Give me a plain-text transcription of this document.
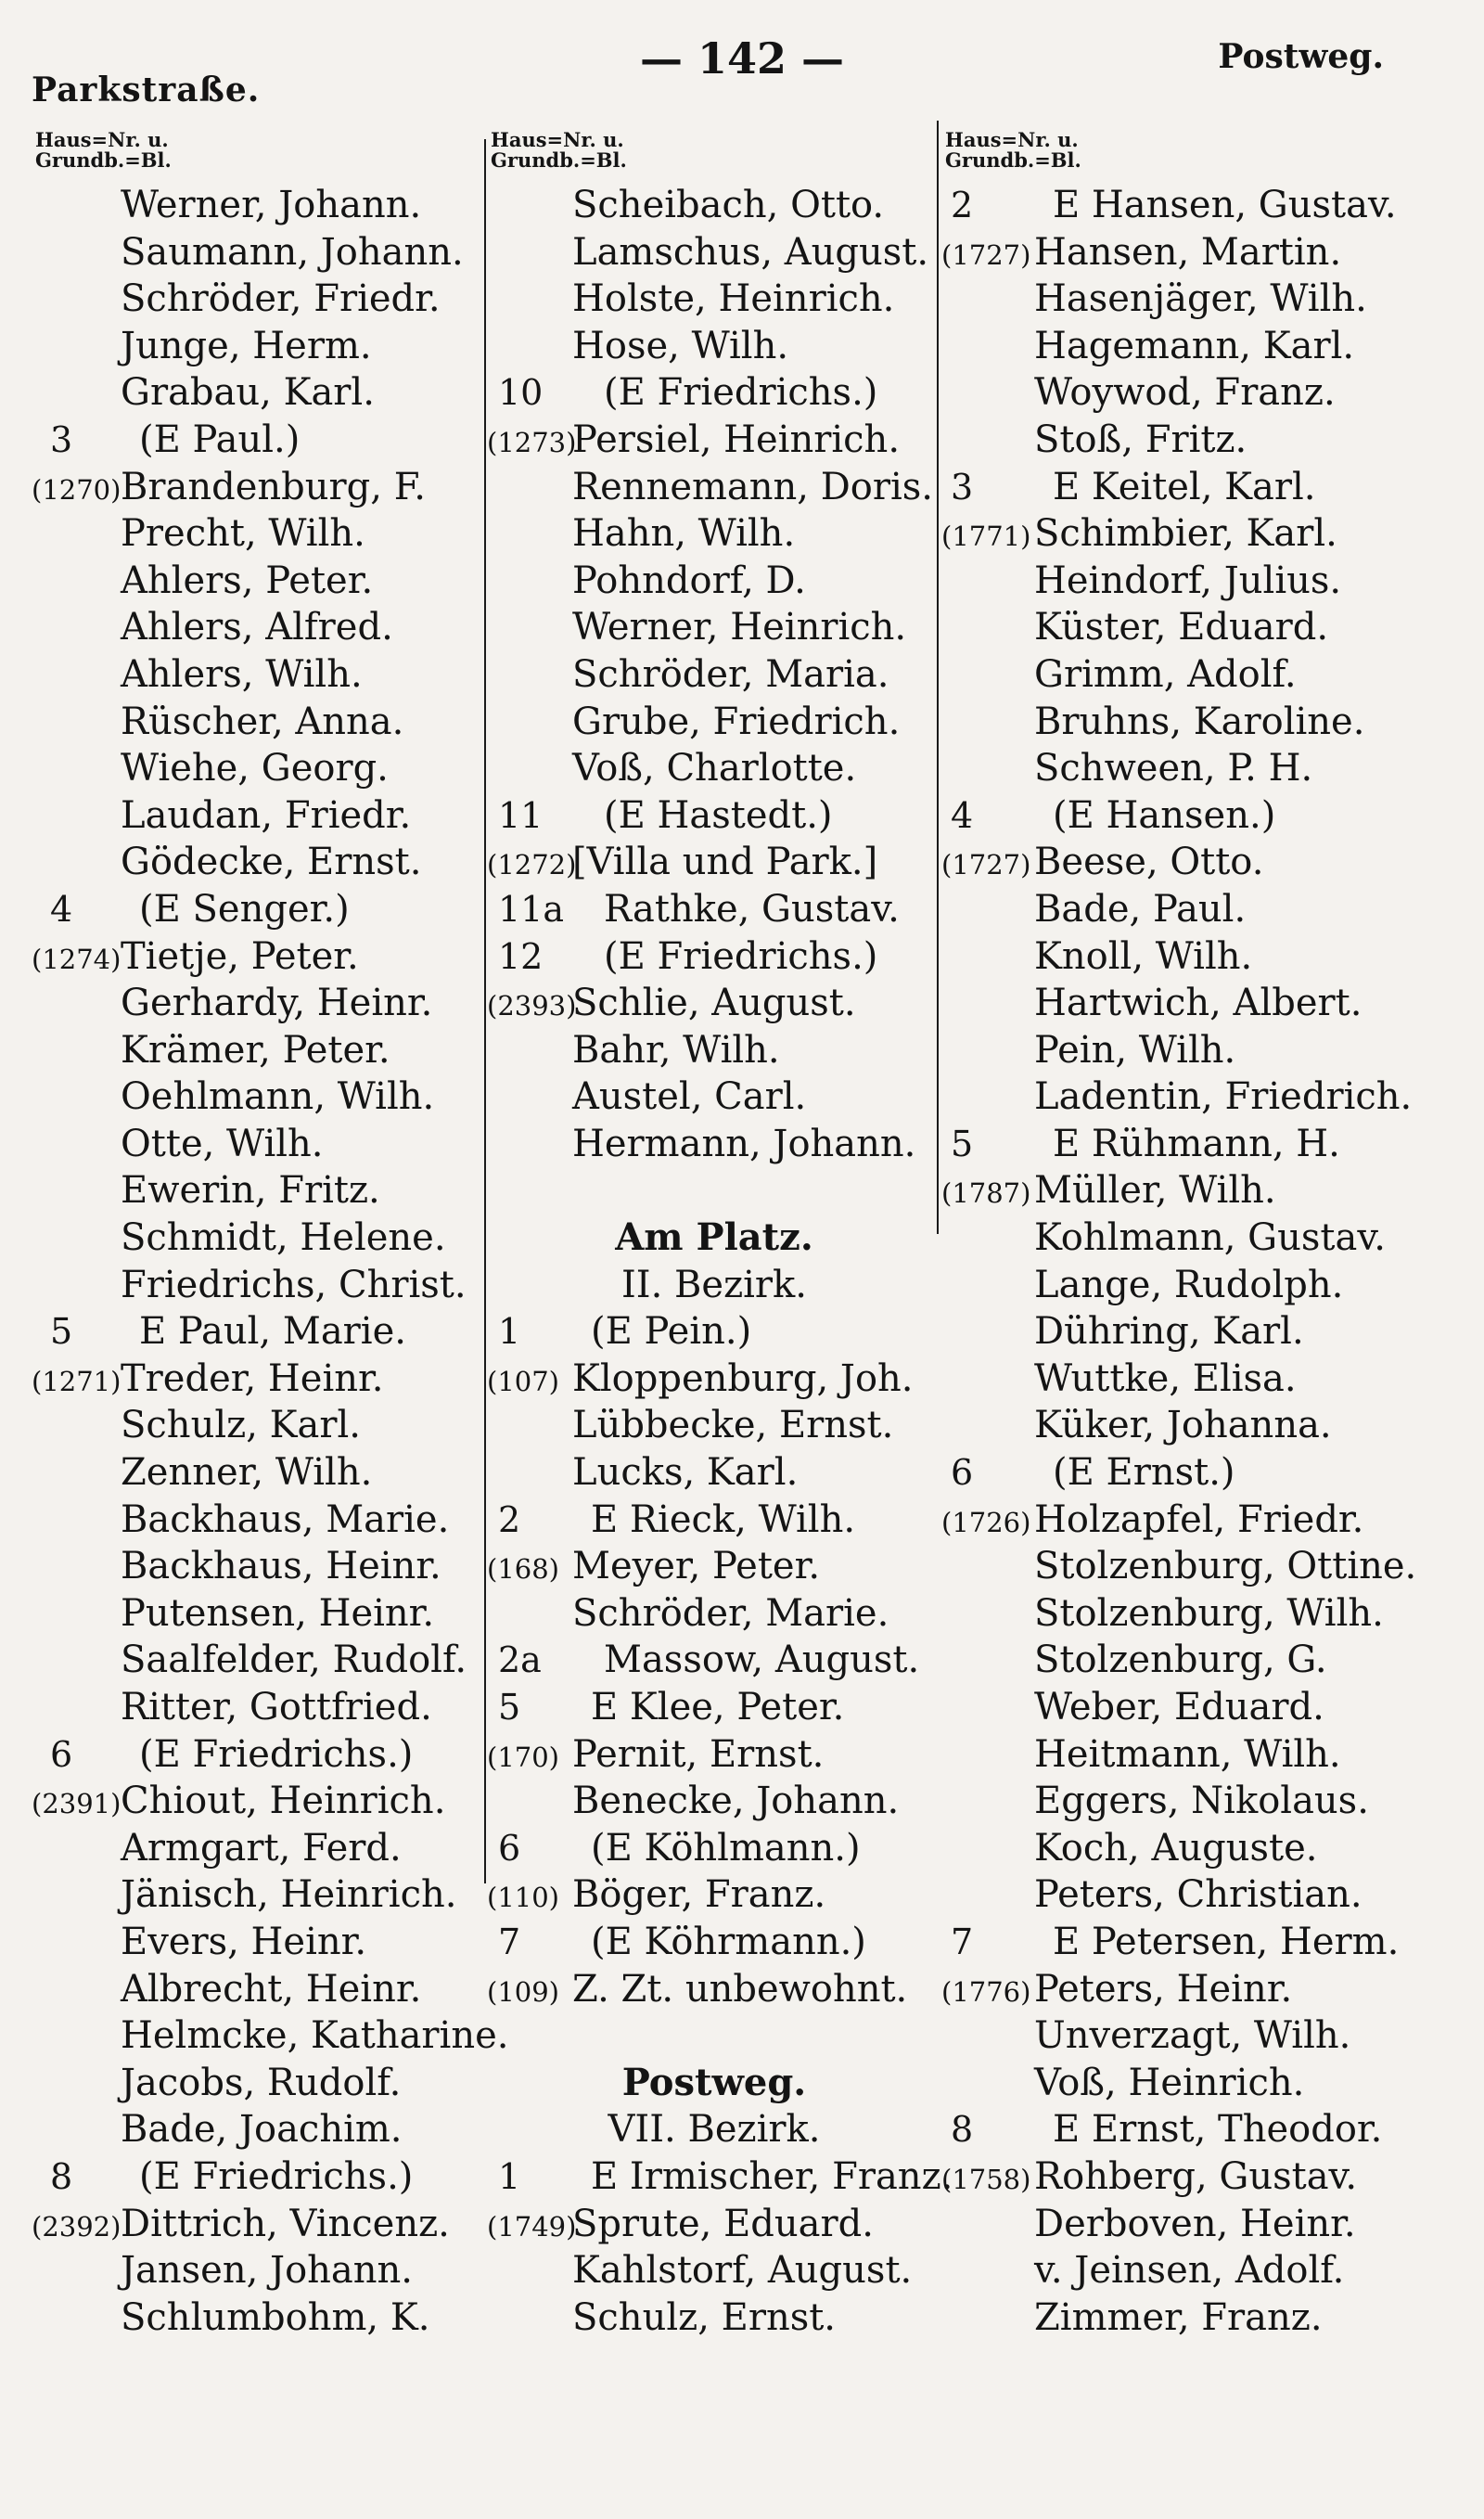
Parkstraße.
— 142 —	Postweg.
Haus=Nr. u.
Grundb.=Bl.
Werner, Johann.
Saumann, Johann.
Schröder, Friedr.
Junge, Herm.
Grabau, Karl.
3 (E Paul.)
(1270) Brandenburg, F.
Precht, Wilh.
Ahlers, Peter.
Ahlers, Alfred.
Ahlers, Wilh.
Rüscher, Anna.
Wiehe, Georg.
Laudan, Friedr.
Gödecke, Ernst.
4 (E Senger.)
(1274) Tietje, Peter.
Gerhardy, Heinr.
Krämer, Peter.
Oehlmann, Wilh.
Otte, Wilh.
Ewerin, Fritz.
Schmidt, Helene.
Friedrichs, Christ.
5 E Paul, Marie.
(1271) Treder, Heinr.
Schulz, Karl.
Zenner, Wilh.
Backhaus, Marie.
Backhaus, Heinr.
Putensen, Heinr.
Saalfelder, Rudolf.
Ritter, Gottfried.
6 (E Friedrichs.)
(2391) Chiout, Heinrich.
Armgart, Ferd.
Jänisch, Heinrich.
Evers, Heinr.
Albrecht, Heinr.
Helmcke, Katharine.
Jacobs, Rudolf.
Bade, Joachim.
8 (E Friedrichs.)
(2392) Dittrich, Vincenz.
Jansen, Johann.
Schlumbohm, K.
Haus=Nr. u.
Grundb.=Bl.
Scheibach, Otto.
Lamschus, August.
Holste, Heinrich.
Hose, Wilh.
10 (E Friedrichs.)
(1273)
Persiel, Heinrich.
Rennemann, Doris.
Hahn, Wilh.
Pohndorf, D.
Werner, Heinrich.
Schröder, Maria.
Grube, Friedrich.
Voß, Charlotte.
11 (E Hastedt.)
(1272)
[Villa und Park.]
11a Rathke, Gustav.
12 (E Friedrichs.)
(2393)
Schlie, August.
Bahr, Wilh.
Austel, Carl.
Hermann, Johann.
Am Platz.
II. Bezirk.
1 (E Pein.)
(107) Kloppenburg, Joh.
Lübbecke, Ernst.
Lucks, Karl.
2 E Rieck, Wilh.
(168) Meyer, Peter.
Schröder, Marie.
2a Massow, August.
5 E Klee, Peter.
(170) Pernit, Ernst.
Benecke, Johann.
6 (E Köhlmann.)
(110) Böger, Franz.
7 (E Köhrmann.)
(109) Z. Zt. unbewohnt.
Postweg.
VII. Bezirk.
1 E Irmischer, Franz.
(1749)
Sprute, Eduard.
Kahlstorf, August.
Schulz, Ernst.
Haus=Nr. u.
Grundb.=Bl.
2 E Hansen, Gustav.
(1727) Hansen, Martin.
Hasenjäger, Wilh.
Hagemann, Karl.
Woywod, Franz.
Stoß, Fritz.
3 E Keitel, Karl.
(1771) Schimbier, Karl.
Heindorf, Julius.
Küster, Eduard.
Grimm, Adolf.
Bruhns, Karoline.
Schween, P. H.
4 (E Hansen.)
(1727) Beese, Otto.
Bade, Paul.
Knoll, Wilh.
Hartwich, Albert.
Pein, Wilh.
Ladentin, Friedrich.
5 E Rühmann, H.
(1787) Müller, Wilh.
Kohlmann, Gustav.
Lange, Rudolph.
Dühring, Karl.
Wuttke, Elisa.
Küker, Johanna.
6 (E Ernst.)
(1726) Holzapfel, Friedr.
Stolzenburg, Ottine.
Stolzenburg, Wilh.
Stolzenburg, G.
Weber, Eduard.
Heitmann, Wilh.
Eggers, Nikolaus.
Koch, Auguste.
Peters, Christian.
7 E Petersen, Herm.
(1776) Peters, Heinr.
Unverzagt, Wilh.
Voß, Heinrich.
8 E Ernst, Theodor.
(1758) Rohberg, Gustav.
Derboven, Heinr.
v. Jeinsen, Adolf.
Zimmer, Franz.
